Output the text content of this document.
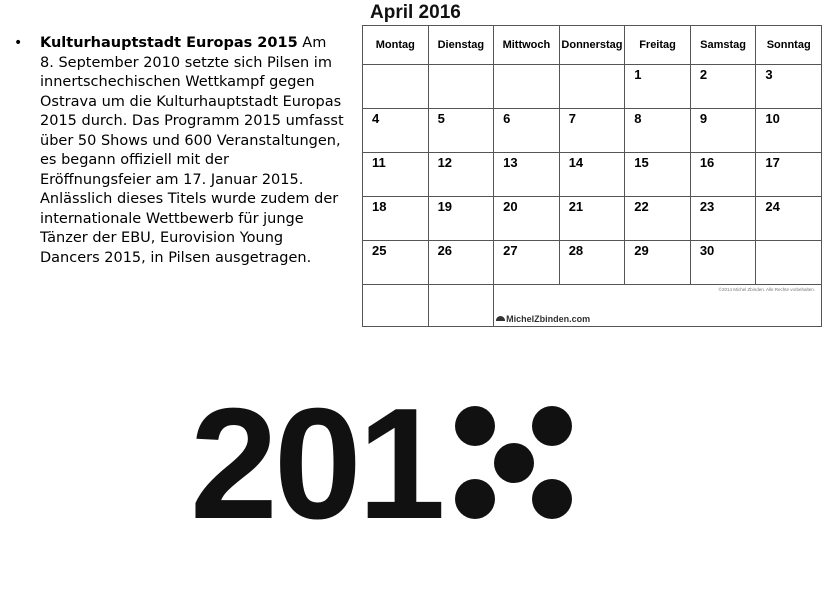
• Kulturhauptstadt Europas 2015 Am 8. September 2010 setzte sich Pilsen im innertschechischen Wettkampf gegen Ostrava um die Kulturhauptstadt Europas 2015 durch. Das Programm 2015 umfasst über 50 Shows und 600 Veranstaltungen, es begann offiziell mit der Eröffnungsfeier am 17. Januar 2015. Anlässlich dieses Titels wurde zudem der internationale Wettbewerb für junge Tänzer der EBU, Eurovision Young Dancers 2015, in Pilsen ausgetragen.
April 2016
Montag	Dienstag	Mittwoch	Donnerstag	Freitag	Samstag	Sonntag
				1	2	3
4	5	6	7	8	9	10
11	12	13	14	15	16	17
18	19	20	21	22	23	24
25	26	27	28	29	30	

		©2014 Michel Zbinden. Alle Rechte vorbehalten.
MichelZbinden.com				
201
